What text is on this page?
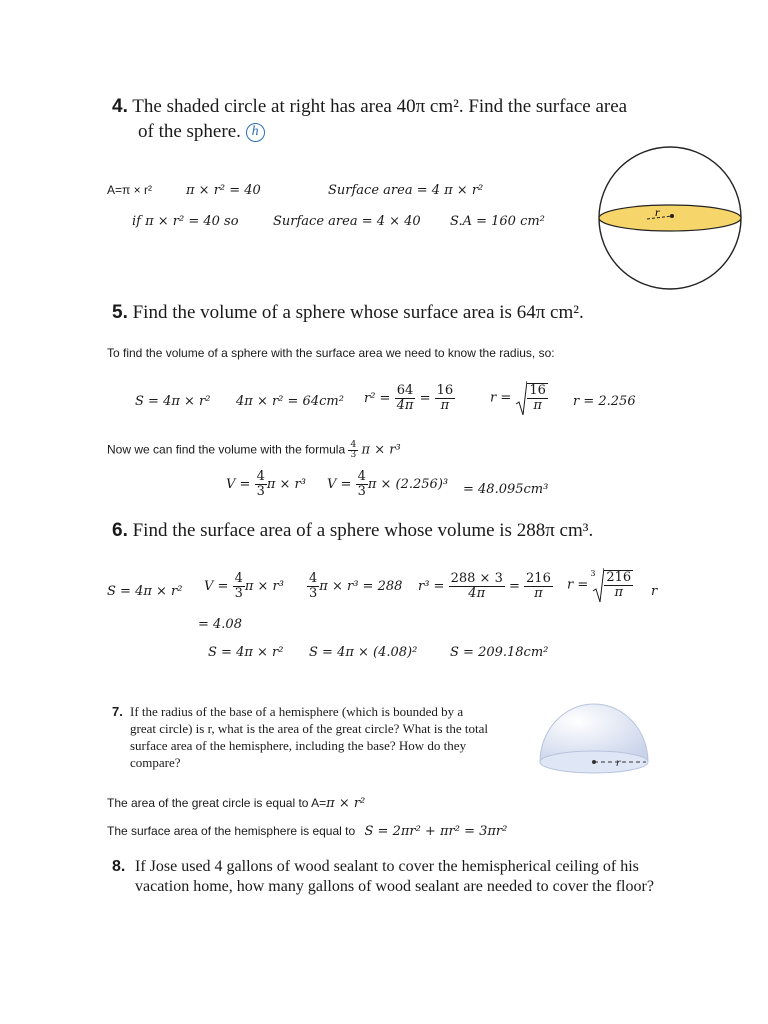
4. The shaded circle at right has area 40π cm². Find the surface area
of the sphere. h
A=π × r²	π × r² = 40	Surface area = 4 π × r²
if π × r² = 40 so	Surface area = 4 × 40 S.A = 160 cm²
r
5. Find the volume of a sphere whose surface area is 64π cm².
To find the volume of a sphere with the surface area we need to know the radius, so:
S = 4π × r² 4π × r² = 64cm² $r^2 = \frac{64}{4\pi} = \frac{16}{\pi}$	$r = \frac{16}{\pi}$ r = 2.256
Now we can find the volume with the formula $\frac{4}{3}$ π × r³
$V = \frac{4}{3}$ π × r³ $V = \frac{4}{3}$ π × (2.256)³ = 48.095cm³
6. Find the surface area of a sphere whose volume is 288π cm³.
S = 4π × r² $V = \frac{4}{3}$ $\pi \times r^3 \frac{4}{3}$ π × r³ = 288 $r^3 = \frac{288 \times 3}{4\pi} = \frac{216}{\pi}$ r =
$3 \frac{216}{\pi}$ r
= 4.08
S = 4π × r² S = 4π × (4.08)²	S = 209.18cm²
7. If the radius of the base of a hemisphere (which is bounded by a
great circle) is r, what is the area of the great circle? What is the total
surface area of the hemisphere, including the base? How do they
compare?	r
The area of the great circle is equal to A=π × r²
The surface area of the hemisphere is equal to S = 2πr² + πr² = 3πr²
8. If Jose used 4 gallons of wood sealant to cover the hemispherical ceiling of his
vacation home, how many gallons of wood sealant are needed to cover the floor?
